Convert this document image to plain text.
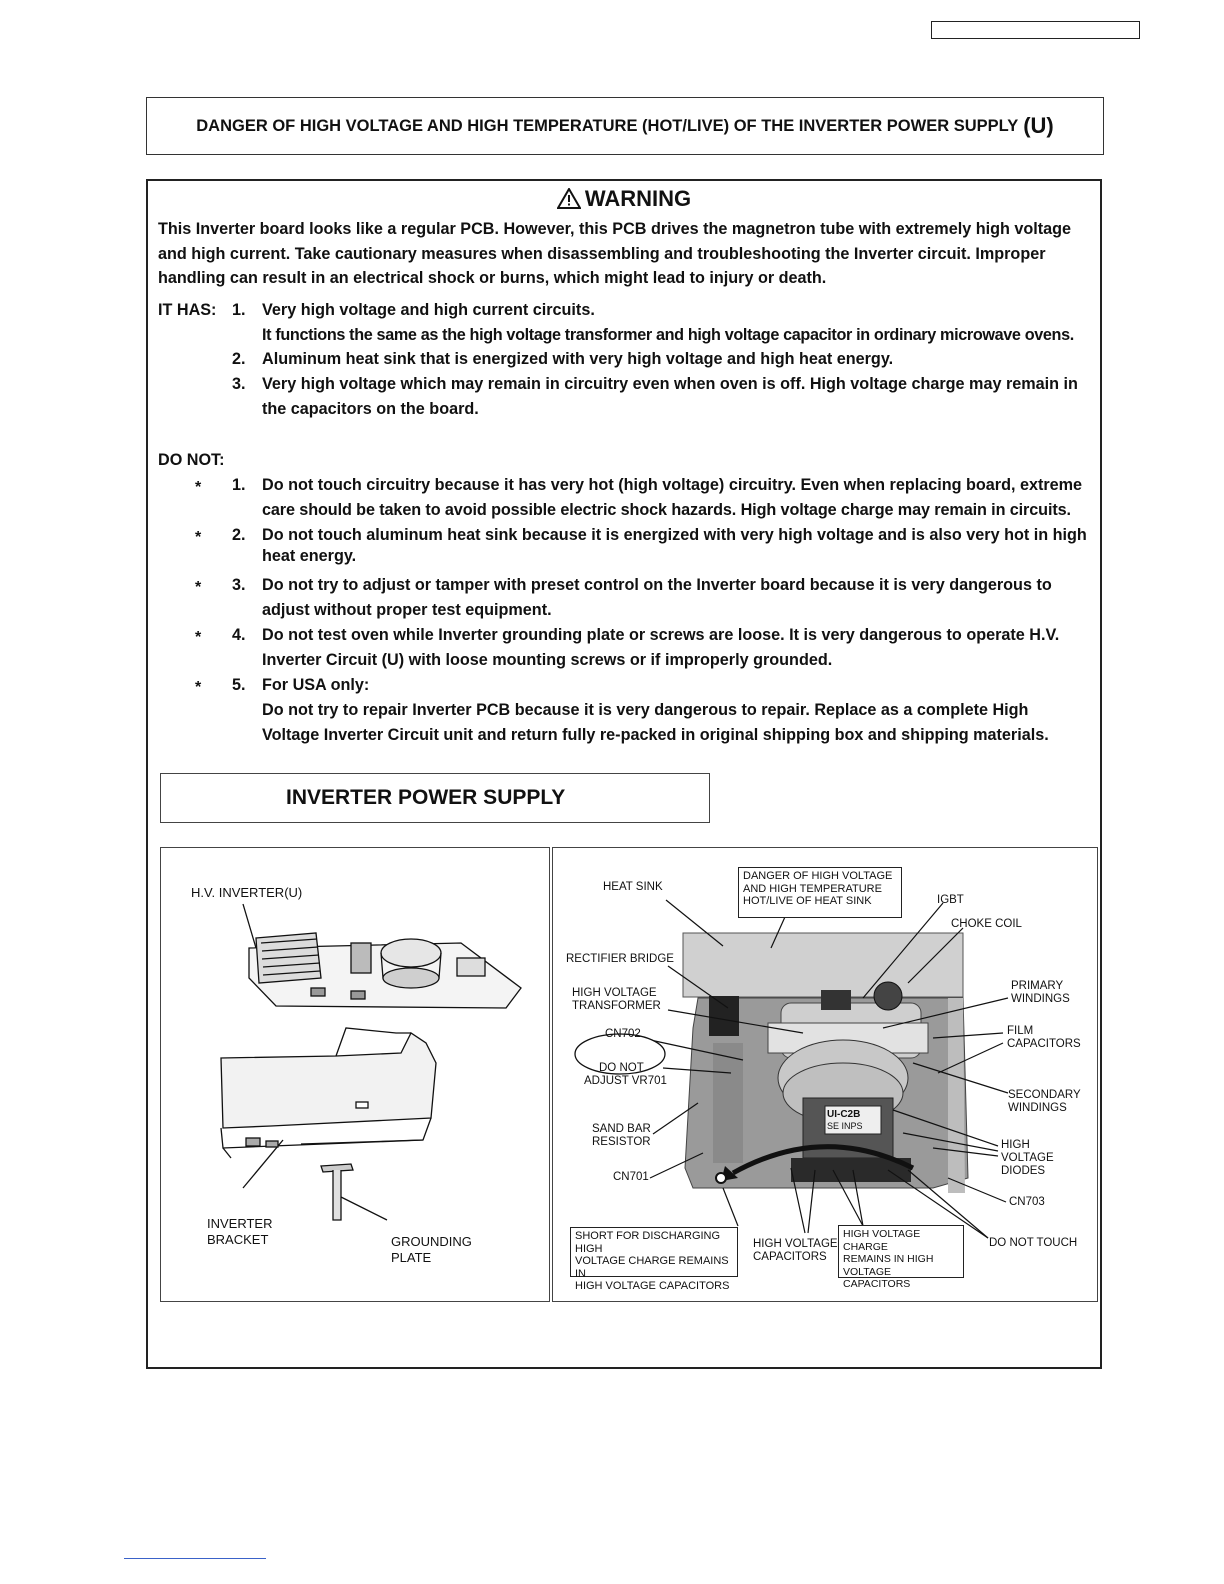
DANGER OF HIGH VOLTAGE AND HIGH TEMPERATURE (HOT/LIVE) OF THE INVERTER POWER SUPPLY (U)
WARNING
This Inverter board looks like a regular PCB. However, this PCB drives the magnetron tube with extremely high voltage
and high current. Take cautionary measures when disassembling and troubleshooting the Inverter circuit. Improper
handling can result in an electrical shock or burns, which might lead to injury or death.
IT HAS: 1. Very high voltage and high current circuits.
It functions the same as the high voltage transformer and high voltage capacitor in ordinary microwave ovens.
2. Aluminum heat sink that is energized with very high voltage and high heat energy.
3. Very high voltage which may remain in circuitry even when oven is off. High voltage charge may remain in
the capacitors on the board.
DO NOT:
* 1. Do not touch circuitry because it has very hot (high voltage) circuitry. Even when replacing board, extreme
care should be taken to avoid possible electric shock hazards. High voltage charge may remain in circuits.
* 2. Do not touch aluminum heat sink because it is energized with very high voltage and is also very hot in high
heat energy.
* 3. Do not try to adjust or tamper with preset control on the Inverter board because it is very dangerous to
adjust without proper test equipment.
* 4. Do not test oven while Inverter grounding plate or screws are loose. It is very dangerous to operate H.V.
Inverter Circuit (U) with loose mounting screws or if improperly grounded.
* 5. For USA only:
Do not try to repair Inverter PCB because it is very dangerous to repair. Replace as a complete High
Voltage Inverter Circuit unit and return fully re-packed in original shipping box and shipping materials.
INVERTER POWER SUPPLY
H.V. INVERTER(U)
INVERTER
BRACKET	GROUNDING
PLATE
HEAT SINK
DANGER OF HIGH VOLTAGE
AND HIGH TEMPERATURE
HOT/LIVE OF HEAT SINK	IGBT
CHOKE COIL
RECTIFIER BRIDGE
HIGH VOLTAGE
TRANSFORMER
PRIMARY
WINDINGS
CN702	FILM
CAPACITORS
DO NOT
ADJUST VR701
SECONDARY
WINDINGS
SAND BAR
RESISTOR	HIGH
VOLTAGE
DIODES
CN701
CN703
UI-C2B
SE INPS
SHORT FOR DISCHARGING HIGH
VOLTAGE CHARGE REMAINS IN
HIGH VOLTAGE CAPACITORS
HIGH VOLTAGE
CAPACITORS
HIGH VOLTAGE CHARGE
REMAINS IN HIGH VOLTAGE
CAPACITORS
DO NOT TOUCH
